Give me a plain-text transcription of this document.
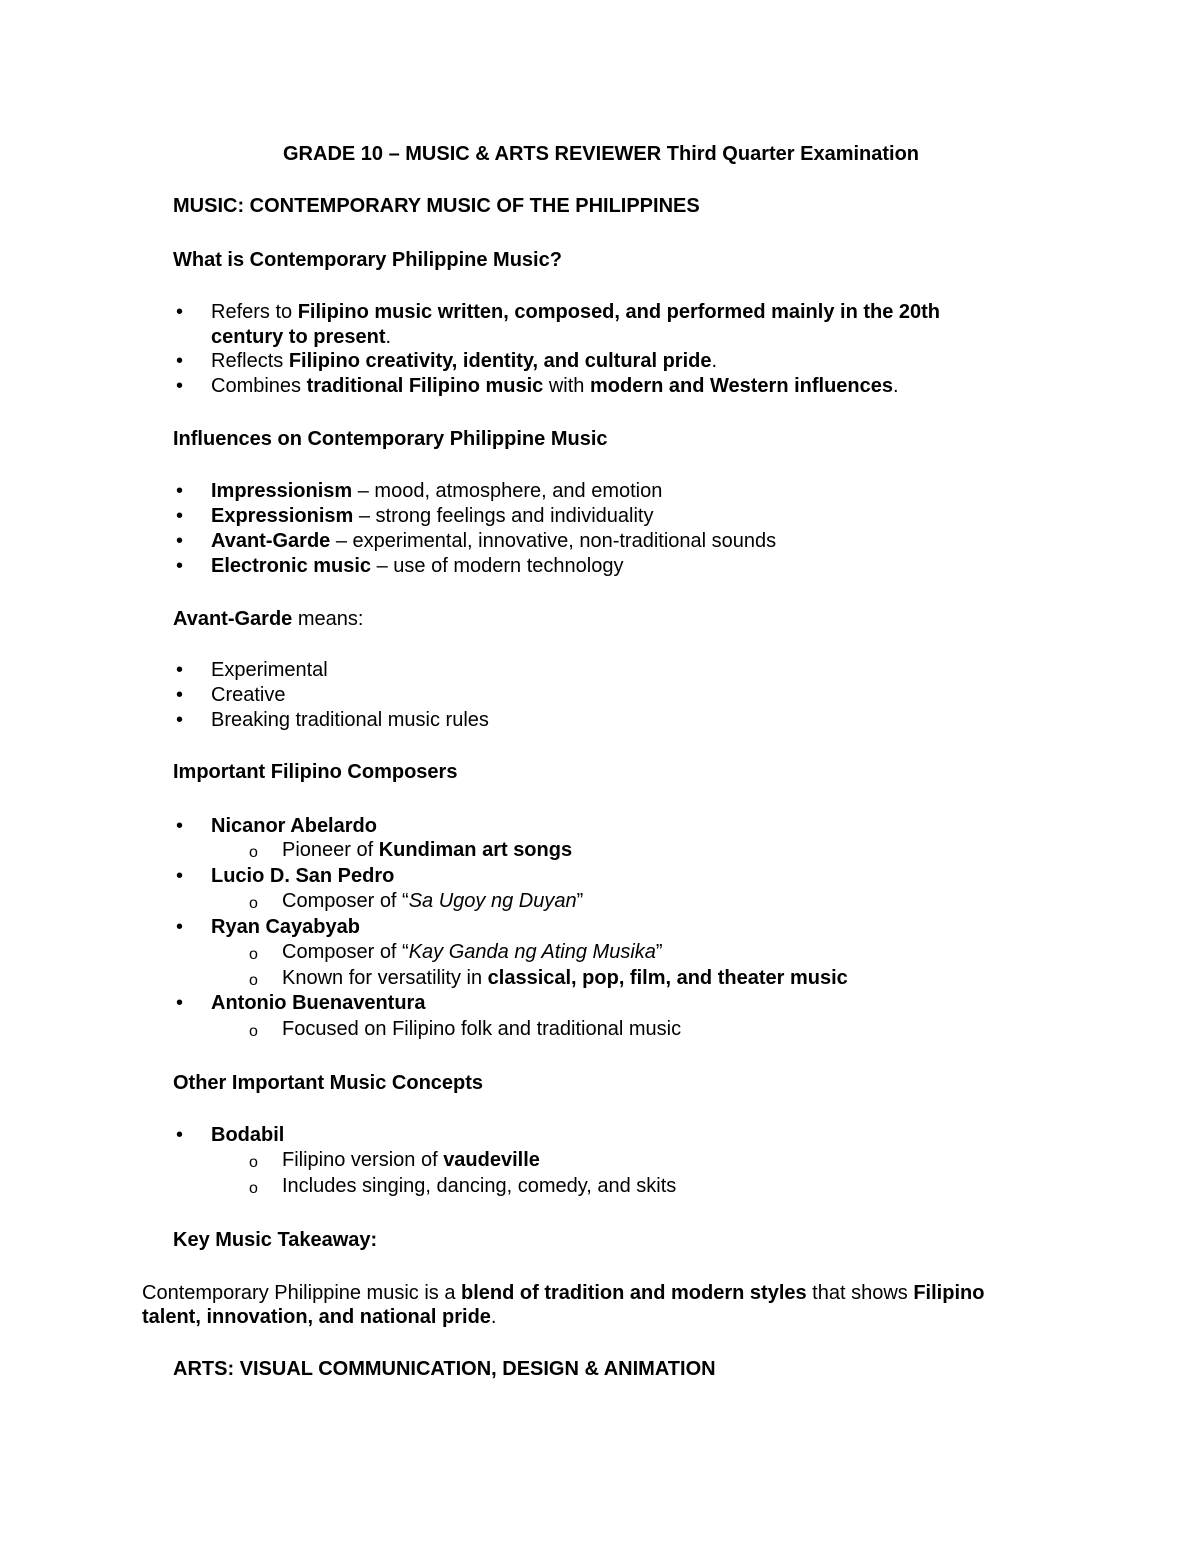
GRADE 10 – MUSIC & ARTS REVIEWER Third Quarter Examination
MUSIC: CONTEMPORARY MUSIC OF THE PHILIPPINES
What is Contemporary Philippine Music?
• Refers to Filipino music written, composed, and performed mainly in the 20th
century to present.
• Reflects Filipino creativity, identity, and cultural pride.
• Combines traditional Filipino music with modern and Western influences.
Influences on Contemporary Philippine Music
• Impressionism – mood, atmosphere, and emotion
• Expressionism – strong feelings and individuality
• Avant-Garde – experimental, innovative, non-traditional sounds
• Electronic music – use of modern technology
Avant-Garde means:
• Experimental
• Creative
• Breaking traditional music rules
Important Filipino Composers
• Nicanor Abelardo
o Pioneer of Kundiman art songs
• Lucio D. San Pedro
o Composer of “Sa Ugoy ng Duyan”
• Ryan Cayabyab
o Composer of “Kay Ganda ng Ating Musika”
o Known for versatility in classical, pop, film, and theater music
• Antonio Buenaventura
o Focused on Filipino folk and traditional music
Other Important Music Concepts
• Bodabil
o Filipino version of vaudeville
o Includes singing, dancing, comedy, and skits
Key Music Takeaway:
Contemporary Philippine music is a blend of tradition and modern styles that shows Filipino
talent, innovation, and national pride.
ARTS: VISUAL COMMUNICATION, DESIGN & ANIMATION
